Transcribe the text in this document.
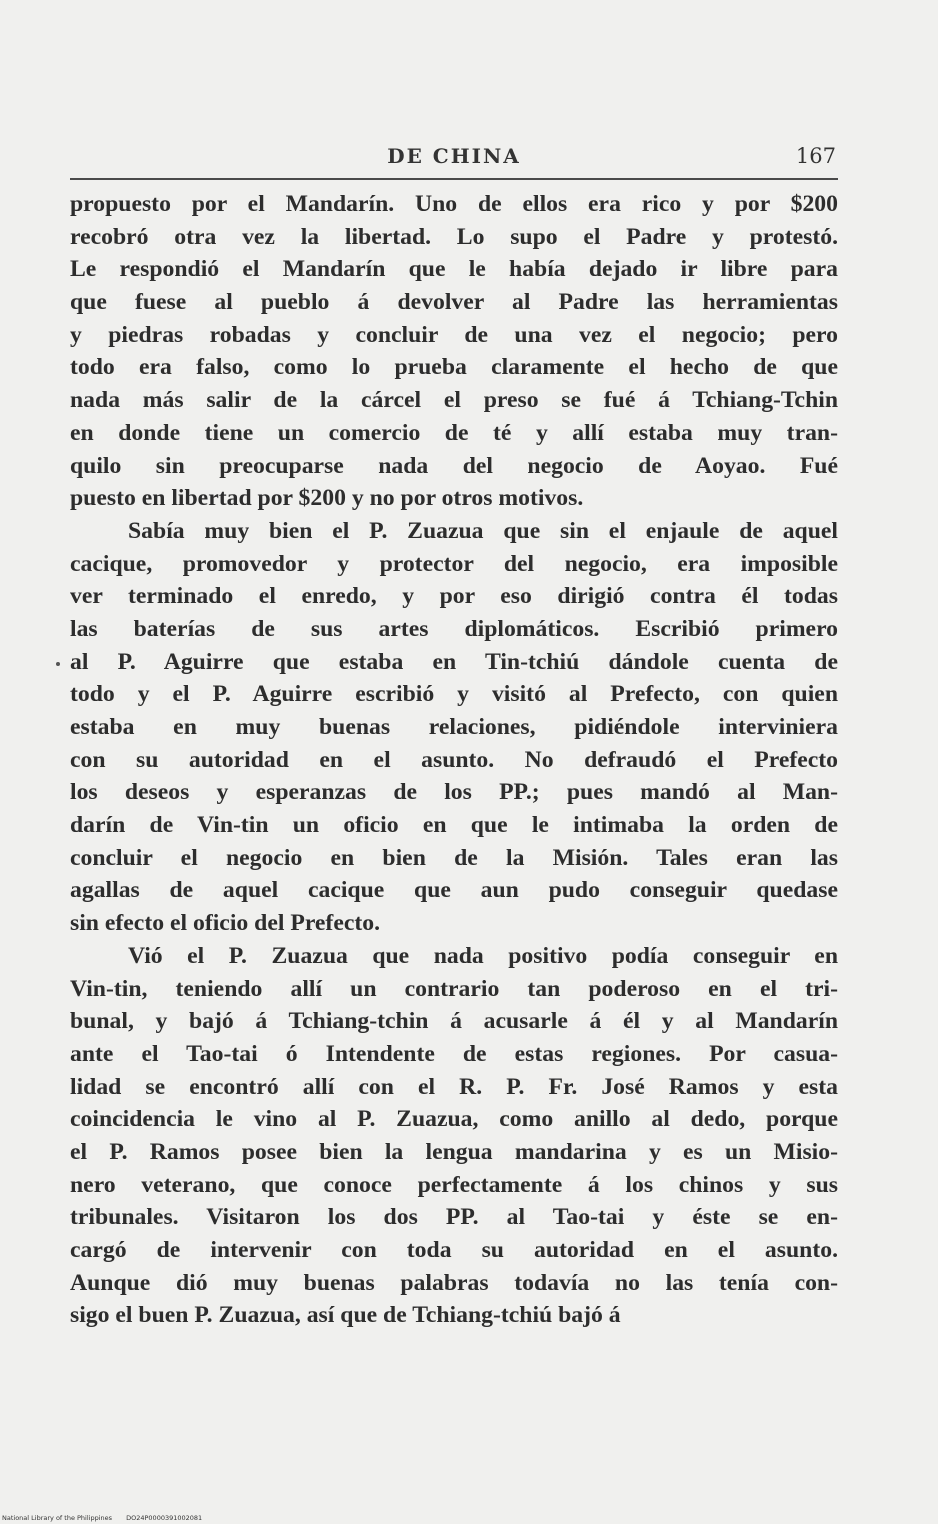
DE CHINA	167
propuesto por el Mandarín. Uno de ellos era rico y por $200
recobró otra vez la libertad. Lo supo el Padre y protestó.
Le respondió el Mandarín que le había dejado ir libre para
que fuese al pueblo á devolver al Padre las herramientas
y piedras robadas y concluir de una vez el negocio; pero
todo era falso, como lo prueba claramente el hecho de que
nada más salir de la cárcel el preso se fué á Tchiang-Tchin
en donde tiene un comercio de té y allí estaba muy tran-
quilo sin preocuparse nada del negocio de Aoyao. Fué
puesto en libertad por $200 y no por otros motivos.
Sabía muy bien el P. Zuazua que sin el enjaule de aquel
cacique, promovedor y protector del negocio, era imposible
ver terminado el enredo, y por eso dirigió contra él todas
las baterías de sus artes diplomáticos. Escribió primero
al P. Aguirre que estaba en Tin-tchiú dándole cuenta de
todo y el P. Aguirre escribió y visitó al Prefecto, con quien
estaba en muy buenas relaciones, pidiéndole interviniera
con su autoridad en el asunto. No defraudó el Prefecto
los deseos y esperanzas de los PP.; pues mandó al Man-
darín de Vin-tin un oficio en que le intimaba la orden de
concluir el negocio en bien de la Misión. Tales eran las
agallas de aquel cacique que aun pudo conseguir quedase
sin efecto el oficio del Prefecto.
Vió el P. Zuazua que nada positivo podía conseguir en
Vin-tin, teniendo allí un contrario tan poderoso en el tri-
bunal, y bajó á Tchiang-tchin á acusarle á él y al Mandarín
ante el Tao-tai ó Intendente de estas regiones. Por casua-
lidad se encontró allí con el R. P. Fr. José Ramos y esta
coincidencia le vino al P. Zuazua, como anillo al dedo, porque
el P. Ramos posee bien la lengua mandarina y es un Misio-
nero veterano, que conoce perfectamente á los chinos y sus
tribunales. Visitaron los dos PP. al Tao-tai y éste se en-
cargó de intervenir con toda su autoridad en el asunto.
Aunque dió muy buenas palabras todavía no las tenía con-
sigo el buen P. Zuazua, así que de Tchiang-tchiú bajó á
National Library of the Philippines DO24P0000391002081
